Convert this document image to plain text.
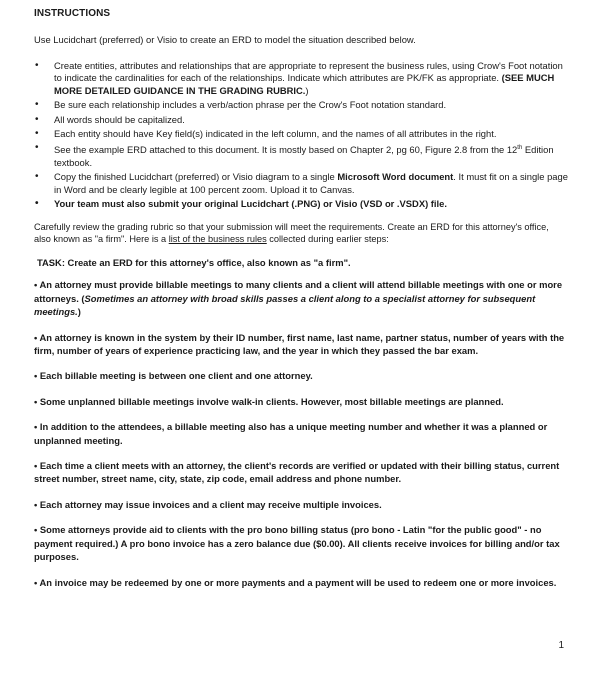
INSTRUCTIONS

Use Lucidchart (preferred) or Visio to create an ERD to model the situation described below.

• Create entities, attributes and relationships that are appropriate to represent the business rules, using Crow's Foot notation to indicate the cardinalities for each of the relationships. Indicate which attributes are PK/FK as appropriate. (SEE MUCH MORE DETAILED GUIDANCE IN THE GRADING RUBRIC.)
• Be sure each relationship includes a verb/action phrase per the Crow's Foot notation standard.
• All words should be capitalized.
• Each entity should have Key field(s) indicated in the left column, and the names of all attributes in the right.
• See the example ERD attached to this document. It is mostly based on Chapter 2, pg 60, Figure 2.8 from the 12th Edition textbook.
• Copy the finished Lucidchart (preferred) or Visio diagram to a single Microsoft Word document. It must fit on a single page in Word and be clearly legible at 100 percent zoom. Upload it to Canvas.
• Your team must also submit your original Lucidchart (.PNG) or Visio (VSD or .VSDX) file.

Carefully review the grading rubric so that your submission will meet the requirements. Create an ERD for this attorney's office, also known as "a firm". Here is a list of the business rules collected during earlier steps:

TASK: Create an ERD for this attorney's office, also known as "a firm".

• An attorney must provide billable meetings to many clients and a client will attend billable meetings with one or more attorneys. (Sometimes an attorney with broad skills passes a client along to a specialist attorney for subsequent meetings.)

• An attorney is known in the system by their ID number, first name, last name, partner status, number of years with the firm, number of years of experience practicing law, and the year in which they passed the bar exam.

• Each billable meeting is between one client and one attorney.

• Some unplanned billable meetings involve walk-in clients. However, most billable meetings are planned.

• In addition to the attendees, a billable meeting also has a unique meeting number and whether it was a planned or unplanned meeting.

• Each time a client meets with an attorney, the client's records are verified or updated with their billing status, current street number, street name, city, state, zip code, email address and phone number.

• Each attorney may issue invoices and a client may receive multiple invoices.

• Some attorneys provide aid to clients with the pro bono billing status (pro bono - Latin "for the public good" - no payment required.) A pro bono invoice has a zero balance due ($0.00). All clients receive invoices for billing and/or tax purposes.

• An invoice may be redeemed by one or more payments and a payment will be used to redeem one or more invoices.

1
